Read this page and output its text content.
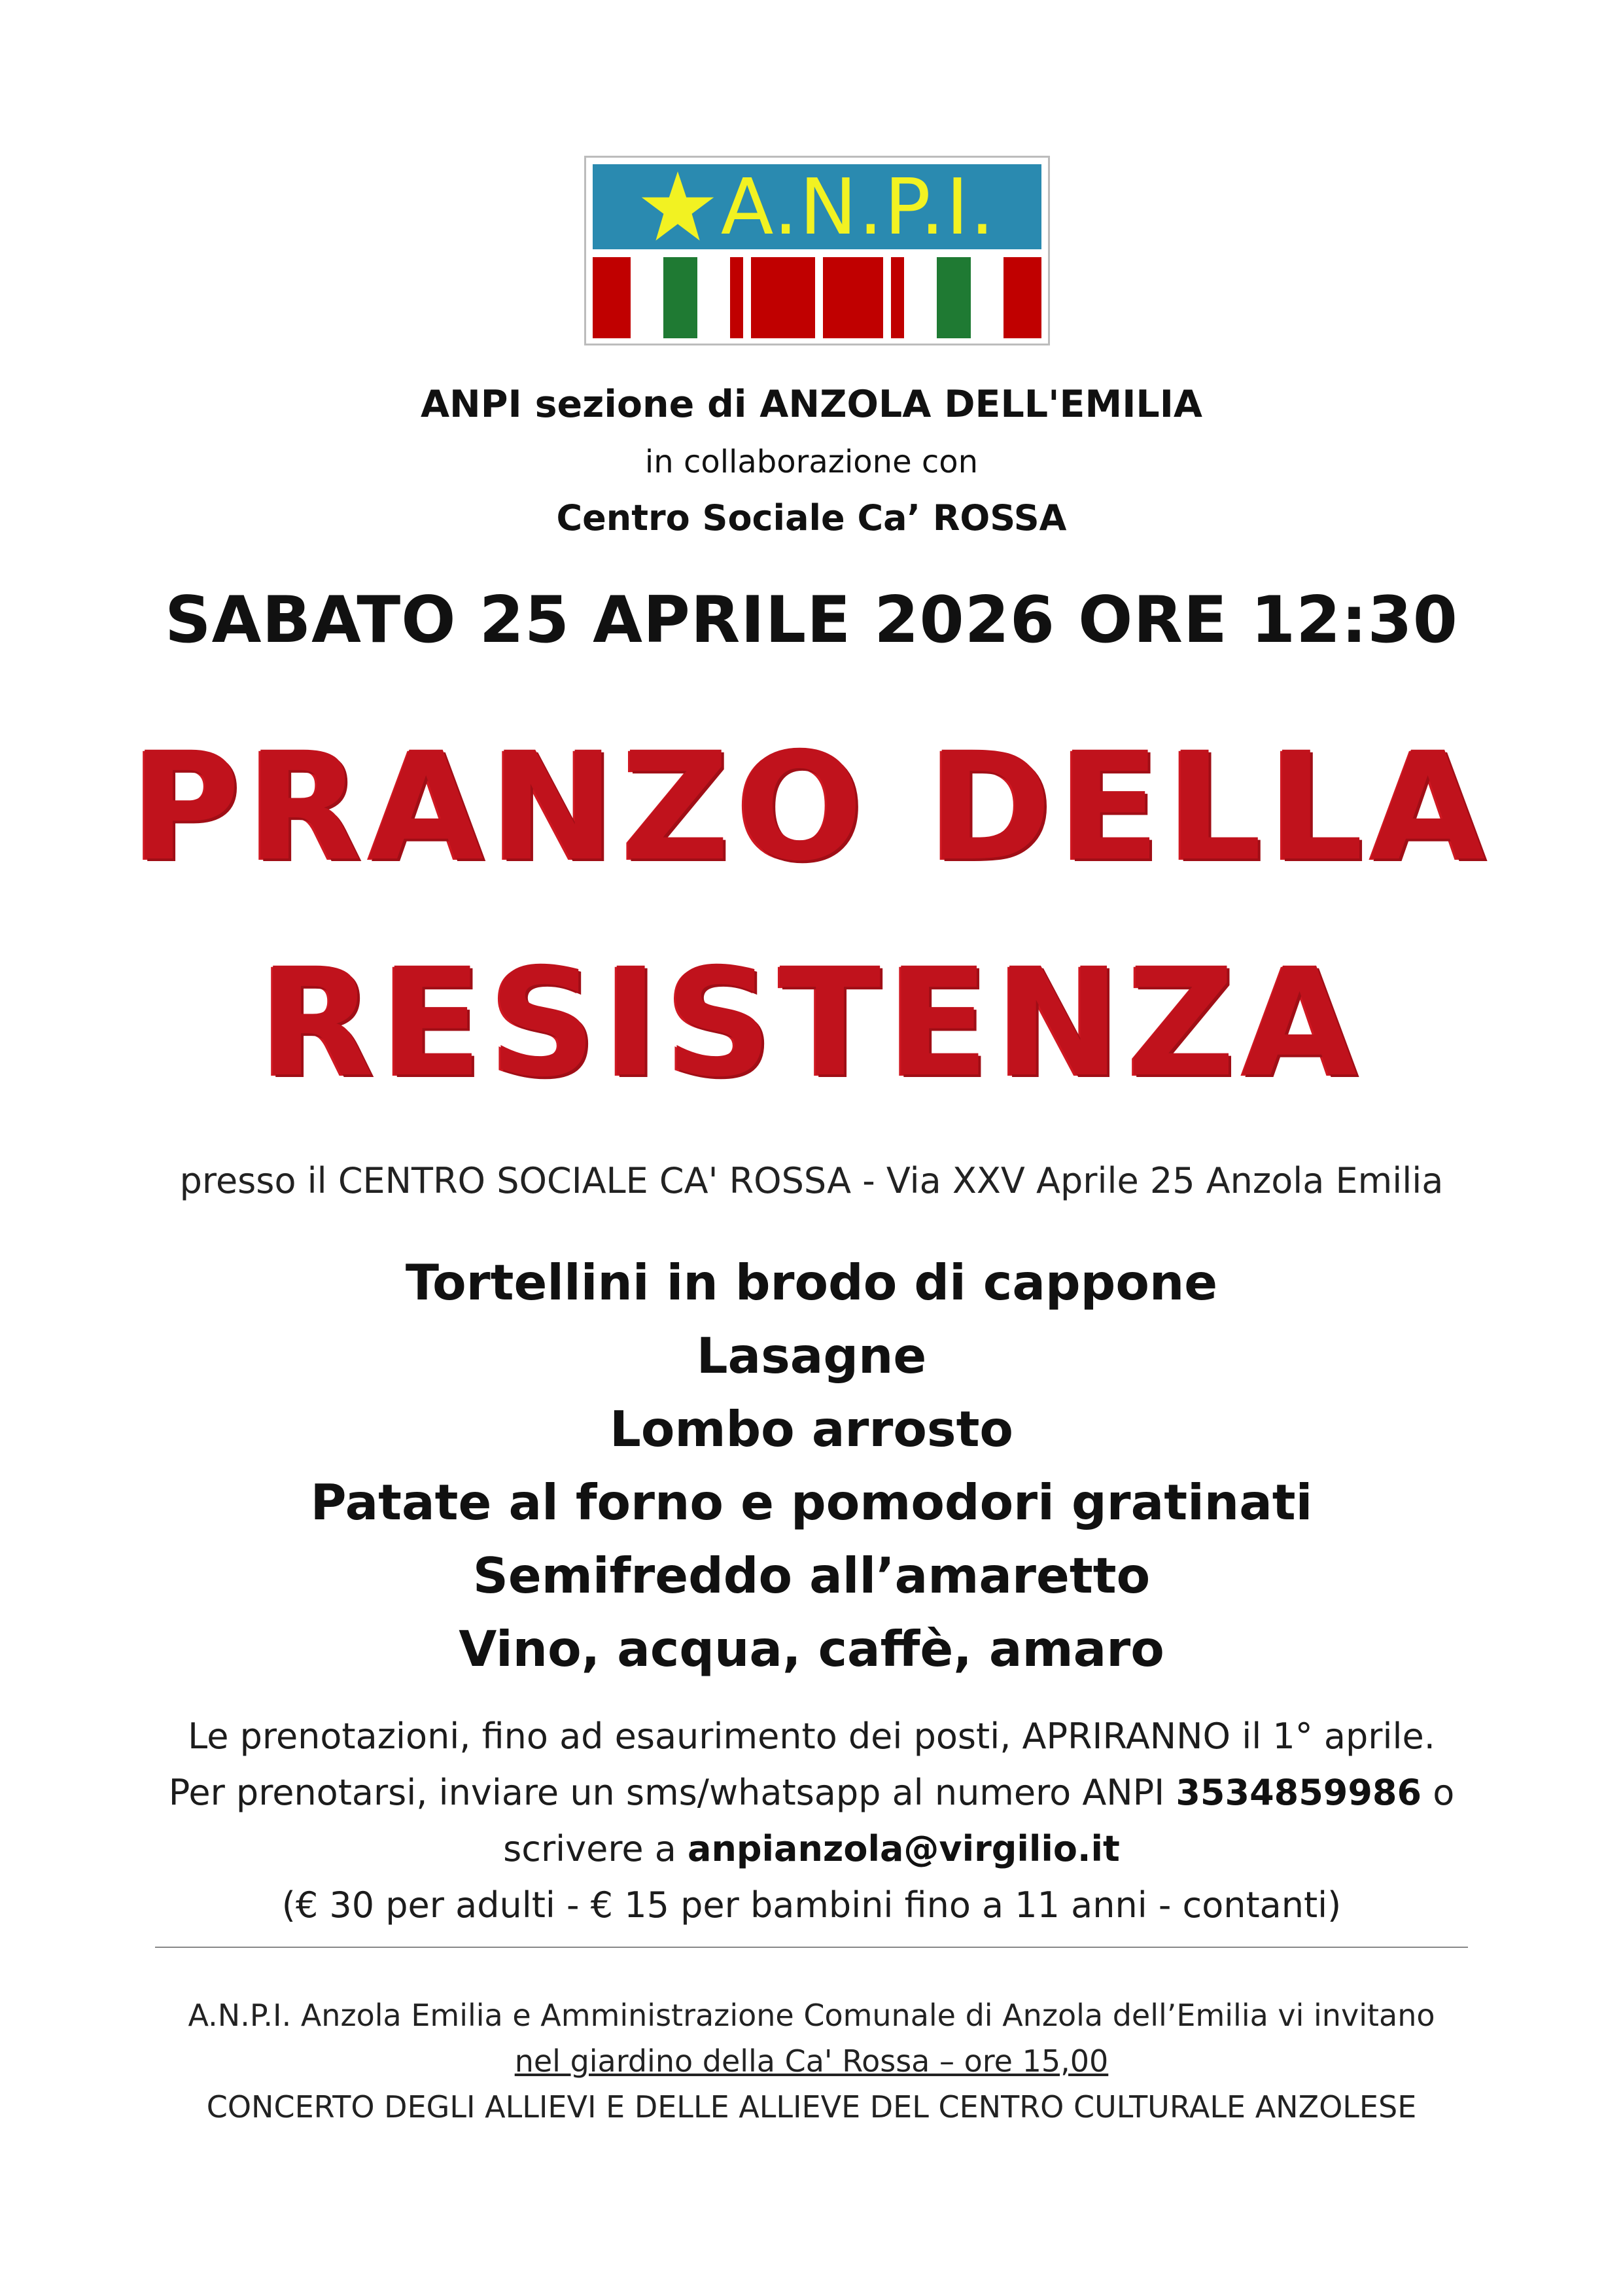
A.N.P.I.
ANPI sezione di ANZOLA DELL'EMILIA
in collaborazione con
Centro Sociale Ca’ ROSSA
SABATO 25 APRILE 2026 ORE 12:30
PRANZO DELLA
RESISTENZA
presso il CENTRO SOCIALE CA' ROSSA - Via XXV Aprile 25 Anzola Emilia
Tortellini in brodo di cappone
Lasagne
Lombo arrosto
Patate al forno e pomodori gratinati
Semifreddo all’amaretto
Vino, acqua, caffè, amaro
Le prenotazioni, fino ad esaurimento dei posti, APRIRANNO il 1° aprile.
Per prenotarsi, inviare un sms/whatsapp al numero ANPI 3534859986 o
scrivere a anpianzola@virgilio.it
(€ 30 per adulti - € 15 per bambini fino a 11 anni - contanti)
A.N.P.I. Anzola Emilia e Amministrazione Comunale di Anzola dell’Emilia vi invitano
nel giardino della Ca' Rossa – ore 15,00
CONCERTO DEGLI ALLIEVI E DELLE ALLIEVE DEL CENTRO CULTURALE ANZOLESE
